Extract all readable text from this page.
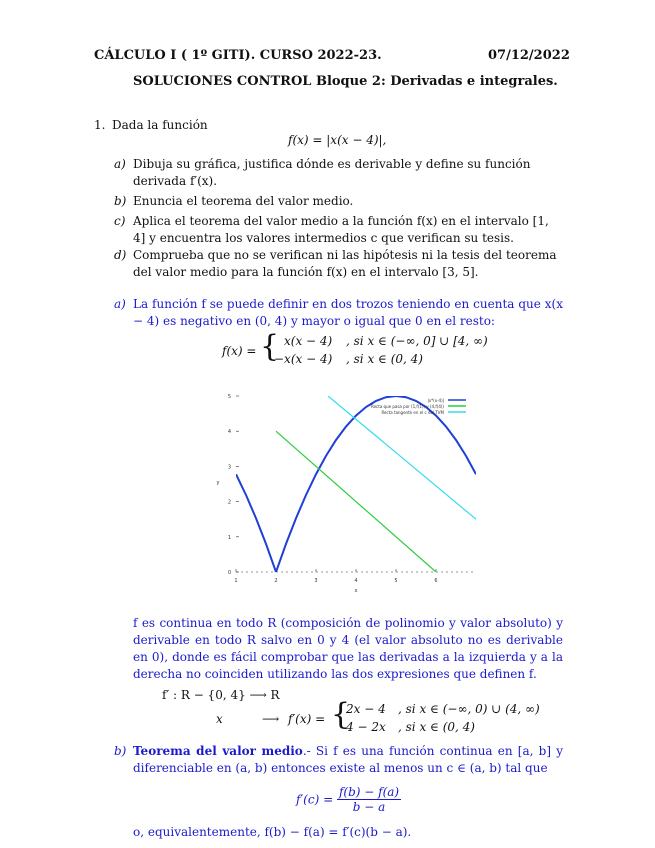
CÁLCULO I ( 1º GITI). CURSO 2022-23.	07/12/2022
SOLUCIONES CONTROL Bloque 2: Derivadas e integrales.
1. Dada la función
f(x) = |x(x − 4)|,
a) Dibuja su gráfica, justifica dónde es derivable y define su función derivada f′(x).
b) Enuncia el teorema del valor medio.
c) Aplica el teorema del valor medio a la función f(x) en el intervalo [1, 4] y encuentra los valores intermedios c que verifican su tesis.
d) Comprueba que no se verifican ni las hipótesis ni la tesis del teorema del valor medio para la función f(x) en el intervalo [3, 5].
a) La función f se puede definir en dos trozos teniendo en cuenta que x(x − 4) es negativo en (0, 4) y mayor o igual que 0 en el resto:
f(x) = { x(x − 4) , si x ∈ (−∞, 0] ∪ [4, ∞)
−x(x − 4) , si x ∈ (0, 4)
1	2	3	4	5	6
0
1
2
3
4
5
x
y
|x*(x-4)|
Recta que pasa por (1,f(1)) y (4,f(4))
Recta tangente en el c del TVM
f es continua en todo R (composición de polinomio y valor absoluto) y derivable en todo R salvo en 0 y 4 (el valor absoluto no es derivable en 0), donde es fácil comprobar que las derivadas a la izquierda y a la derecha no coinciden utilizando las dos expresiones que definen f.
f′ : R − {0, 4} ⟶ R
x	⟶ f′(x) = {
2x − 4 , si x ∈ (−∞, 0) ∪ (4, ∞)
4 − 2x , si x ∈ (0, 4)
b) Teorema del valor medio.- Si f es una función continua en [a, b] y diferenciable en (a, b) entonces existe al menos un c ∈ (a, b) tal que
$f'(c) = \frac{f(b) - f(a)}{b - a}$
o, equivalentemente, f(b) − f(a) = f′(c)(b − a).
